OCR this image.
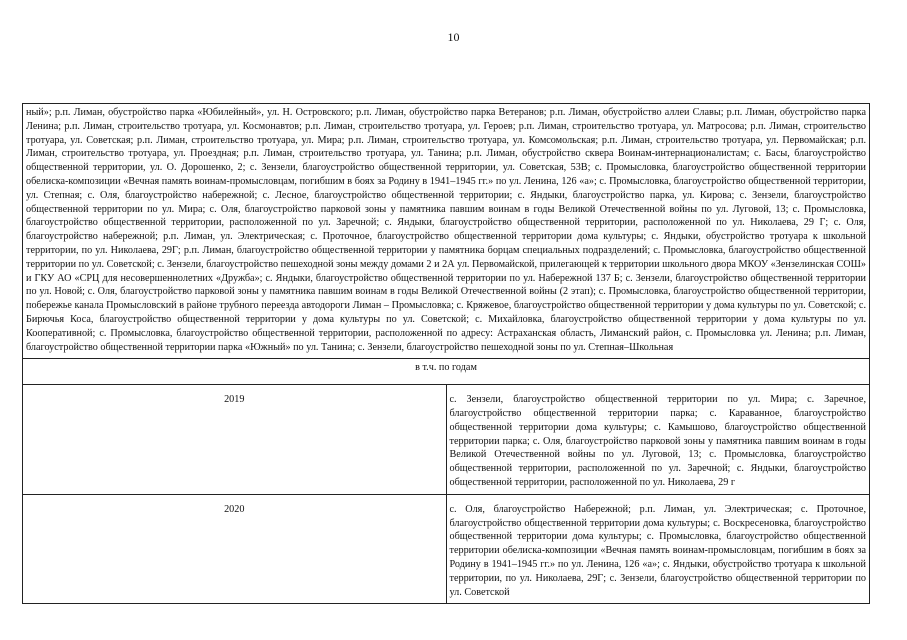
10
ный»; р.п. Лиман, обустройство парка «Юбилейный», ул. Н. Островского; р.п. Лиман, обустройство парка Ветеранов; р.п. Лиман, обустройство аллеи Славы; р.п. Лиман, обустройство парка Ленина; р.п. Лиман, строительство тротуара, ул. Космонавтов; р.п. Лиман, строительство тротуара, ул. Героев; р.п. Лиман, строительство тротуара, ул. Матросова; р.п. Лиман, строительство тротуара, ул. Советская; р.п. Лиман, строительство тротуара, ул. Мира; р.п. Лиман, строительство тротуара, ул. Комсомольская; р.п. Лиман, строительство тротуара, ул. Первомайская; р.п. Лиман, строительство тротуара, ул. Проездная; р.п. Лиман, строительство тротуара, ул. Танина; р.п. Лиман, обустройство сквера Воинам-интернационалистам; с. Басы, благоустройство общественной территории, ул. О. Дорошенко, 2; с. Зензели, благоустройство общественной территории, ул. Советская, 53В; с. Промысловка, благоустройство общественной территории обелиска-композиции «Вечная память воинам-промысловцам, погибшим в боях за Родину в 1941–1945 гг.» по ул. Ленина, 126 «а»; с. Промысловка, благоустройство общественной территории, ул. Степная; с. Оля, благоустройство набережной; с. Лесное, благоустройство общественной территории; с. Яндыки, благоустройство парка, ул. Кирова; с. Зензели, благоустройство общественной территории по ул. Мира; с. Оля, благоустройство парковой зоны у памятника павшим воинам в годы Великой Отечественной войны по ул. Луговой, 13; с. Промысловка, благоустройство общественной территории, расположенной по ул. Заречной; с. Яндыки, благоустройство общественной территории, расположенной по ул. Николаева, 29 Г; с. Оля, благоустройство набережной; р.п. Лиман, ул. Электрическая; с. Проточное, благоустройство общественной территории дома культуры; с. Яндыки, обустройство тротуара к школьной территории, по ул. Николаева, 29Г; р.п. Лиман, благоустройство общественной территории у памятника борцам специальных подразделений; с. Промысловка, благоустройство общественной территории по ул. Советской; с. Зензели, благоустройство пешеходной зоны между домами 2 и 2А ул. Первомайской, прилегающей к территории школьного двора МКОУ «Зензелинская СОШ» и ГКУ АО «СРЦ для несовершеннолетних «Дружба»; с. Яндыки, благоустройство общественной территории по ул. Набережной 137 Б; с. Зензели, благоустройство общественной территории по ул. Новой; с. Оля, благоустройство парковой зоны у памятника павшим воинам в годы Великой Отечественной войны (2 этап); с. Промысловка, благоустройство общественной территории, побережье канала Промысловский в районе трубного переезда автодороги Лиман – Промысловка; с. Кряжевое, благоустройство общественной территории у дома культуры по ул. Советской; с. Бирючья Коса, благоустройство общественной территории у дома культуры по ул. Советской; с. Михайловка, благоустройство общественной территории у дома культуры по ул. Кооперативной; с. Промысловка, благоустройство общественной территории, расположенной по адресу: Астраханская область, Лиманский район, с. Промысловка ул. Ленина; р.п. Лиман, благоустройство общественной территории парка «Южный» по ул. Танина; с. Зензели, благоустройство пешеходной зоны по ул. Степная–Школьная	

в т.ч. по годам	
2019	с. Зензели, благоустройство общественной территории по ул. Мира; с. Заречное, благоустройство общественной территории парка; с. Караванное, благоустройство общественной территории дома культуры; с. Камышово, благоустройство общественной территории парка; с. Оля, благоустройство парковой зоны у памятника павшим воинам в годы Великой Отечественной войны по ул. Луговой, 13; с. Промысловка, благоустройство общественной территории, расположенной по ул. Заречной; с. Яндыки, благоустройство общественной территории, расположенной по ул. Николаева, 29 г

2020	с. Оля, благоустройство Набережной; р.п. Лиман, ул. Электрическая; с. Проточное, благоустройство общественной территории дома культуры; с. Воскресеновка, благоустройство общественной территории дома культуры; с. Промысловка, благоустройство общественной территории обелиска-композиции «Вечная память воинам-промысловцам, погибшим в боях за Родину в 1941–1945 гг.» по ул. Ленина, 126 «а»; с. Яндыки, обустройство тротуара к школьной территории, по ул. Николаева, 29Г; с. Зензели, благоустройство общественной территории по ул. Советской
